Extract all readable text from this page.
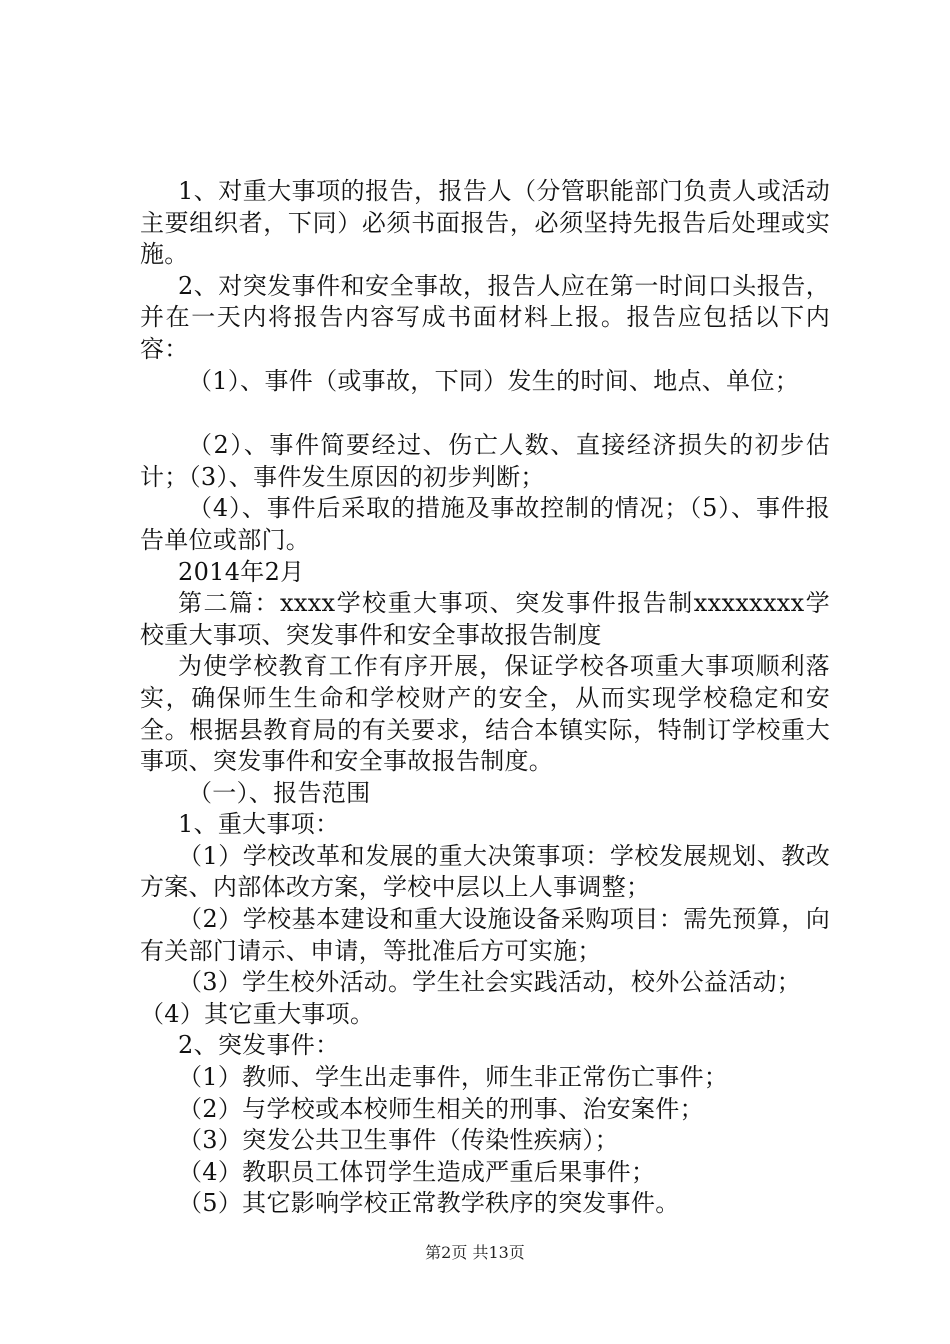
1、对重大事项的报告，报告人（分管职能部门负责人或活动主要组织者，下同）必须书面报告，必须坚持先报告后处理或实施。

2、对突发事件和安全事故，报告人应在第一时间口头报告，并在一天内将报告内容写成书面材料上报。报告应包括以下内容：

（1）、事件（或事故，下同）发生的时间、地点、单位；

（2）、事件简要经过、伤亡人数、直接经济损失的初步估计；（3）、事件发生原因的初步判断；

（4）、事件后采取的措施及事故控制的情况；（5）、事件报告单位或部门。

2014年2月

第二篇：xxxx学校重大事项、突发事件报告制xxxxxxxx学校重大事项、突发事件和安全事故报告制度

为使学校教育工作有序开展，保证学校各项重大事项顺利落实，确保师生生命和学校财产的安全，从而实现学校稳定和安全。根据县教育局的有关要求，结合本镇实际，特制订学校重大事项、突发事件和安全事故报告制度。

（一）、报告范围

1、重大事项：

（1）学校改革和发展的重大决策事项：学校发展规划、教改方案、内部体改方案，学校中层以上人事调整；

（2）学校基本建设和重大设施设备采购项目：需先预算，向有关部门请示、申请，等批准后方可实施；

（3）学生校外活动。学生社会实践活动，校外公益活动；

（4）其它重大事项。

2、突发事件：

（1）教师、学生出走事件，师生非正常伤亡事件；

（2）与学校或本校师生相关的刑事、治安案件；

（3）突发公共卫生事件（传染性疾病）；

（4）教职员工体罚学生造成严重后果事件；

（5）其它影响学校正常教学秩序的突发事件。

第2页 共13页
